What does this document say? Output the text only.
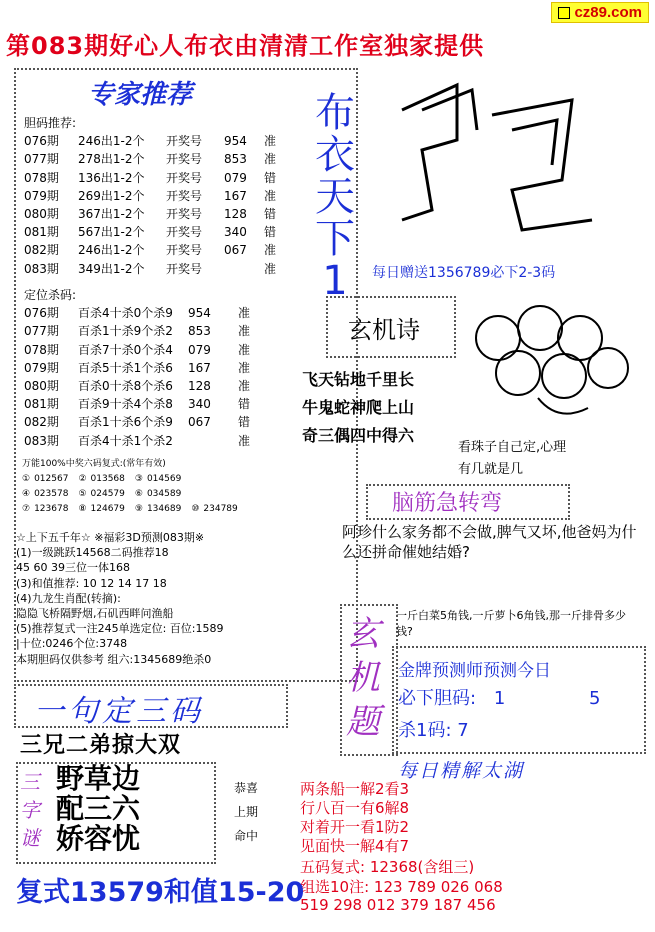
cz89.com
第083期好心人布衣由清清工作室独家提供
专家推荐
胆码推荐:
076期	246出1-2个	开奖号	954	准
077期	278出1-2个	开奖号	853	准
078期	136出1-2个	开奖号	079	错
079期	269出1-2个	开奖号	167	准
080期	367出1-2个	开奖号	128	错
081期	567出1-2个	开奖号	340	错
082期	246出1-2个	开奖号	067	准
083期	349出1-2个	开奖号	准
定位杀码:
076期	百杀4十杀0个杀9	954	准
077期	百杀1十杀9个杀2	853	准
078期	百杀7十杀0个杀4	079	准
079期	百杀5十杀1个杀6	167	准
080期	百杀0十杀8个杀6	128	准
081期	百杀9十杀4个杀8	340	错
082期	百杀1十杀6个杀9	067	错
083期	百杀4十杀1个杀2	准
万能100%中奖六码复式:(常年有效)
① 012567 ② 013568 ③ 014569
④ 023578 ⑤ 024579 ⑥ 034589
⑦ 123678 ⑧ 124679 ⑨ 134689 ⑩ 234789
☆上下五千年☆ ※福彩3D预测083期※
(1)一级跳跃14568二码推荐18
45 60 39三位一体168
(3)和值推荐: 10 12 14 17 18
(4)九龙生肖配(转摘):
隐隐飞桥隔野烟,石矶西畔问渔船
(5)推荐复式一注245单选定位: 百位:1589
|十位:0246个位:3748
本期胆码仅供参考 组六:1345689绝杀0
布衣天下1	每日赠送1356789必下2-3码
玄机诗
飞天钻地千里长
牛鬼蛇神爬上山
奇三偶四中得六
看珠子自己定,心理
有几就是几
脑筋急转弯
阿珍什么家务都不会做,脾气又坏,他爸妈为什么还拼命催她结婚?
玄机题
一斤白菜5角钱,一斤萝卜6角钱,那一斤排骨多少钱?
金牌预测师预测今日
必下胆码: 1	5
杀1码: 7
每日精解太湖
两条船一解2看3
行八百一有6解8
对着开一看1防2
见面快一解4有7
五码复式: 12368(含组三)
组选10注: 123 789 026 068
519 298 012 379 187 456
一句定三码
三兄二弟掠大双
三字谜
野草边
配三六
娇容忧
恭喜
上期
命中
复式13579和值15-20
